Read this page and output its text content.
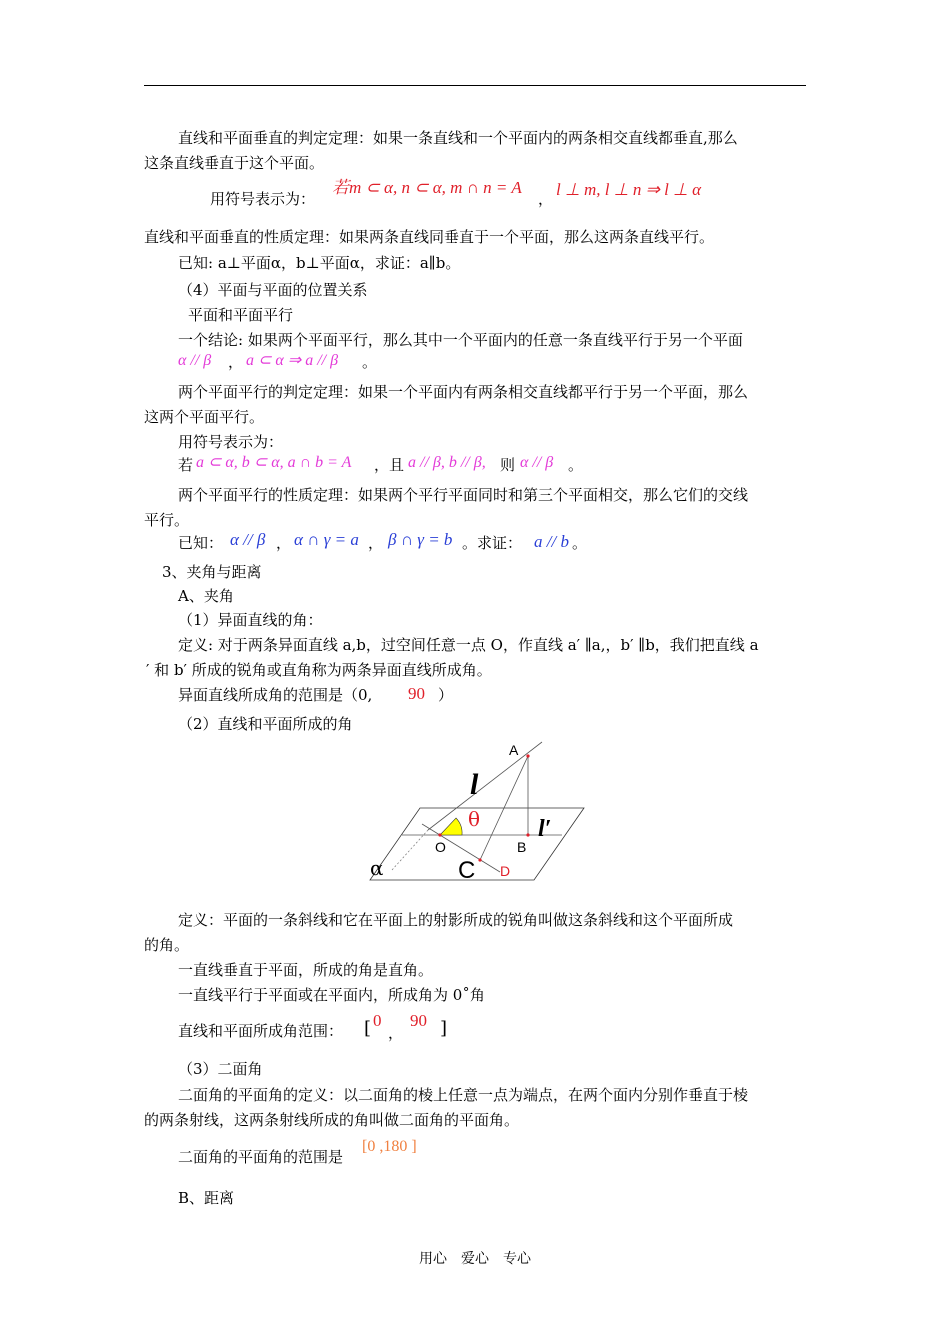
直线和平面垂直的判定定理：如果一条直线和一个平面内的两条相交直线都垂直,那么
这条直线垂直于这个平面。
用符号表示为：
若m ⊂ α, n ⊂ α, m ∩ n = A
， l ⊥ m, l ⊥ n ⇒ l ⊥ α
直线和平面垂直的性质定理：如果两条直线同垂直于一个平面，那么这两条直线平行。
已知: a⊥平面α，b⊥平面α，求证：a∥b。
（4）平面与平面的位置关系
平面和平面平行
一个结论: 如果两个平面平行，那么其中一个平面内的任意一条直线平行于另一个平面
α // β ， a ⊂ α ⇒ a // β 。
两个平面平行的判定定理：如果一个平面内有两条相交直线都平行于另一个平面，那么
这两个平面平行。
用符号表示为：
若 a ⊂ α, b ⊂ α, a ∩ b = A ，且 a // β, b // β, 则 α // β 。
两个平面平行的性质定理：如果两个平行平面同时和第三个平面相交，那么它们的交线
平行。
已知： α // β ， α ∩ γ = a ， β ∩ γ = b 。求证： a // b 。
3、夹角与距离
A、夹角
（1）异面直线的角：
定义: 对于两条异面直线 a,b，过空间任意一点 O，作直线 a′ ∥a,，b′ ∥b，我们把直线 a
′ 和 b′ 所成的锐角或直角称为两条异面直线所成角。
异面直线所成角的范围是（0, 90 ）
（2）直线和平面所成的角
A
l
θ l′
O	B
α	C D
定义：平面的一条斜线和它在平面上的射影所成的锐角叫做这条斜线和这个平面所成
的角。
一直线垂直于平面，所成的角是直角。
一直线平行于平面或在平面内，所成角为 0˚角
直线和平面所成角范围： [ 0
，
90 ]
（3）二面角
二面角的平面角的定义：以二面角的棱上任意一点为端点，在两个面内分别作垂直于棱
的两条射线，这两条射线所成的角叫做二面角的平面角。
二面角的平面角的范围是
[0 ,180 ]
B、距离
用心　爱心　专心
